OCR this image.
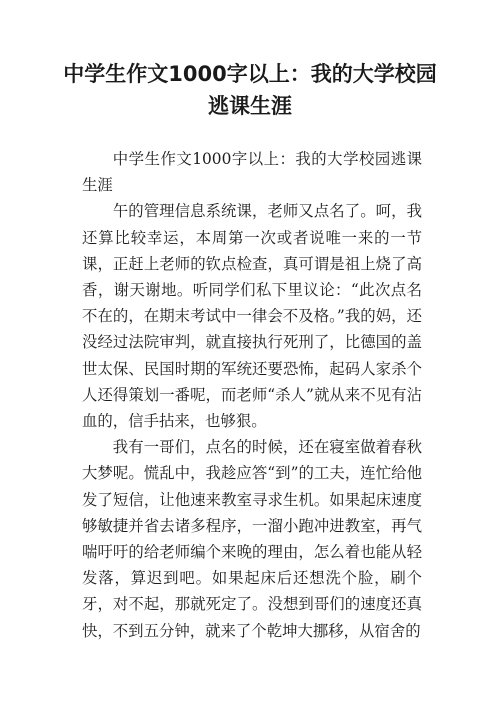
中学生作文1000字以上：我的大学校园逃课生涯

中学生作文1000字以上：我的大学校园逃课生涯

午的管理信息系统课，老师又点名了。呵，我还算比较幸运，本周第一次或者说唯一来的一节课，正赶上老师的钦点检查，真可谓是祖上烧了高香，谢天谢地。听同学们私下里议论：“此次点名不在的，在期末考试中一律会不及格。”我的妈，还没经过法院审判，就直接执行死刑了，比德国的盖世太保、民国时期的军统还要恐怖，起码人家杀个人还得策划一番呢，而老师“杀人”就从来不见有沾血的，信手拈来，也够狠。

我有一哥们，点名的时候，还在寝室做着春秋大梦呢。慌乱中，我趁应答“到”的工夫，连忙给他发了短信，让他速来教室寻求生机。如果起床速度够敏捷并省去诸多程序，一溜小跑冲进教室，再气喘吁吁的给老师编个来晚的理由，怎么着也能从轻发落，算迟到吧。如果起床后还想洗个脸，刷个牙，对不起，那就死定了。没想到哥们的速度还真快，不到五分钟，就来了个乾坤大挪移，从宿舍的
